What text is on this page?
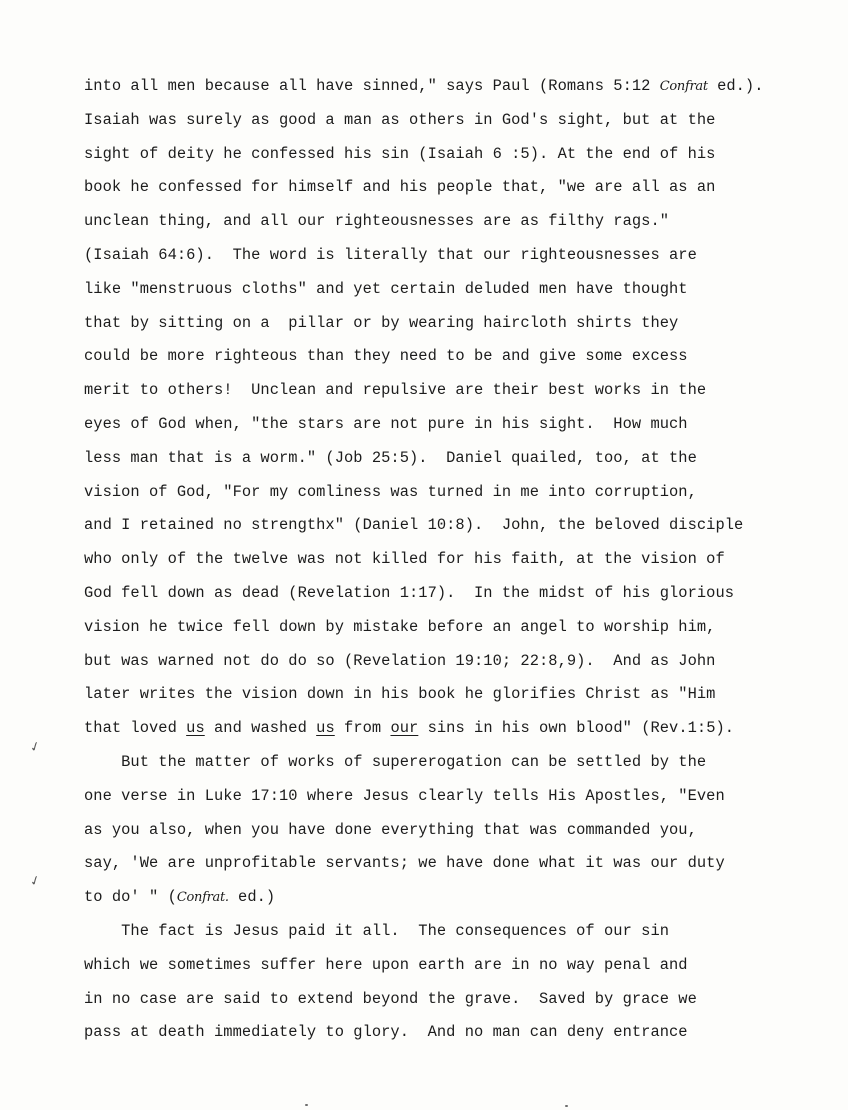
into all men because all have sinned," says Paul (Romans 5:12 Confrat ed.).
Isaiah was surely as good a man as others in God's sight, but at the
sight of deity he confessed his sin (Isaiah 6 :5). At the end of his
book he confessed for himself and his people that, "we are all as an
unclean thing, and all our righteousnesses are as filthy rags."
(Isaiah 64:6).  The word is literally that our righteousnesses are
like "menstruous cloths" and yet certain deluded men have thought
that by sitting on a  pillar or by wearing haircloth shirts they
could be more righteous than they need to be and give some excess
merit to others!  Unclean and repulsive are their best works in the
eyes of God when, "the stars are not pure in his sight.  How much
less man that is a worm." (Job 25:5).  Daniel quailed, too, at the
vision of God, "For my comliness was turned in me into corruption,
and I retained no strengthx" (Daniel 10:8).  John, the beloved disciple
who only of the twelve was not killed for his faith, at the vision of
God fell down as dead (Revelation 1:17).  In the midst of his glorious
vision he twice fell down by mistake before an angel to worship him,
but was warned not do do so (Revelation 19:10; 22:8,9).  And as John
later writes the vision down in his book he glorifies Christ as "Him
that loved us and washed us from our sins in his own blood" (Rev.1:5).
But the matter of works of supererogation can be settled by the
one verse in Luke 17:10 where Jesus clearly tells His Apostles, "Even
as you also, when you have done everything that was commanded you,
say, 'We are unprofitable servants; we have done what it was our duty
to do' " (Confrat. ed.)
The fact is Jesus paid it all.  The consequences of our sin
which we sometimes suffer here upon earth are in no way penal and
in no case are said to extend beyond the grave.  Saved by grace we
pass at death immediately to glory.  And no man can deny entrance
✓
✓
